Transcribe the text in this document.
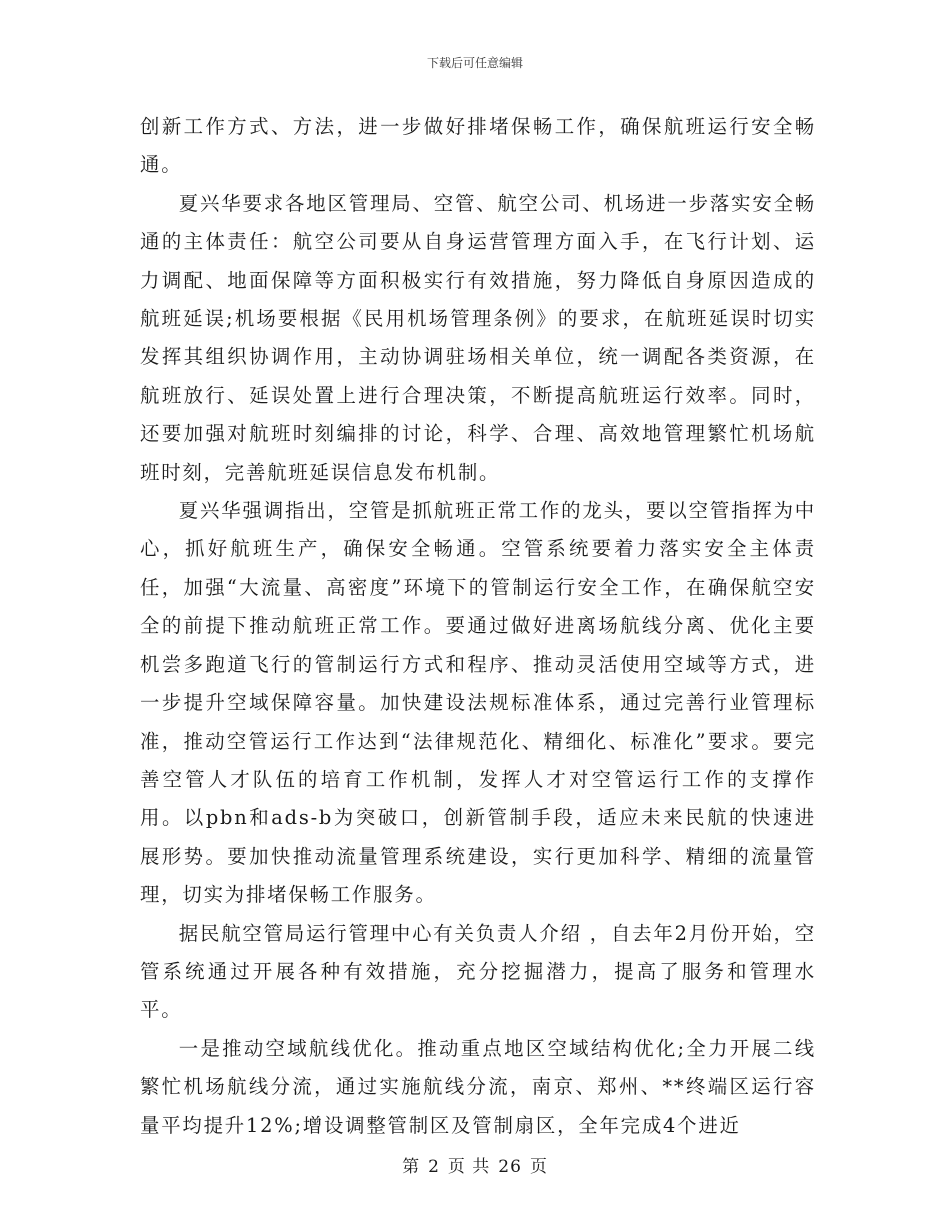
下载后可任意编辑

创新工作方式、方法，进一步做好排堵保畅工作，确保航班运行安全畅通。

夏兴华要求各地区管理局、空管、航空公司、机场进一步落实安全畅通的主体责任：航空公司要从自身运营管理方面入手，在飞行计划、运力调配、地面保障等方面积极实行有效措施，努力降低自身原因造成的航班延误;机场要根据《民用机场管理条例》的要求，在航班延误时切实发挥其组织协调作用，主动协调驻场相关单位，统一调配各类资源，在航班放行、延误处置上进行合理决策，不断提高航班运行效率。同时，还要加强对航班时刻编排的讨论，科学、合理、高效地管理繁忙机场航班时刻，完善航班延误信息发布机制。

夏兴华强调指出，空管是抓航班正常工作的龙头，要以空管指挥为中心，抓好航班生产，确保安全畅通。空管系统要着力落实安全主体责任，加强“大流量、高密度”环境下的管制运行安全工作，在确保航空安全的前提下推动航班正常工作。要通过做好进离场航线分离、优化主要机尝多跑道飞行的管制运行方式和程序、推动灵活使用空域等方式，进一步提升空域保障容量。加快建设法规标准体系，通过完善行业管理标准，推动空管运行工作达到“法律规范化、精细化、标准化”要求。要完善空管人才队伍的培育工作机制，发挥人才对空管运行工作的支撑作用。以pbn和ads-b为突破口，创新管制手段，适应未来民航的快速进展形势。要加快推动流量管理系统建设，实行更加科学、精细的流量管理，切实为排堵保畅工作服务。

据民航空管局运行管理中心有关负责人介绍 ，自去年2月份开始，空管系统通过开展各种有效措施，充分挖掘潜力，提高了服务和管理水平。

一是推动空域航线优化。推动重点地区空域结构优化;全力开展二线繁忙机场航线分流，通过实施航线分流，南京、郑州、**终端区运行容量平均提升12%;增设调整管制区及管制扇区，全年完成4个进近

第 2 页 共 26 页
